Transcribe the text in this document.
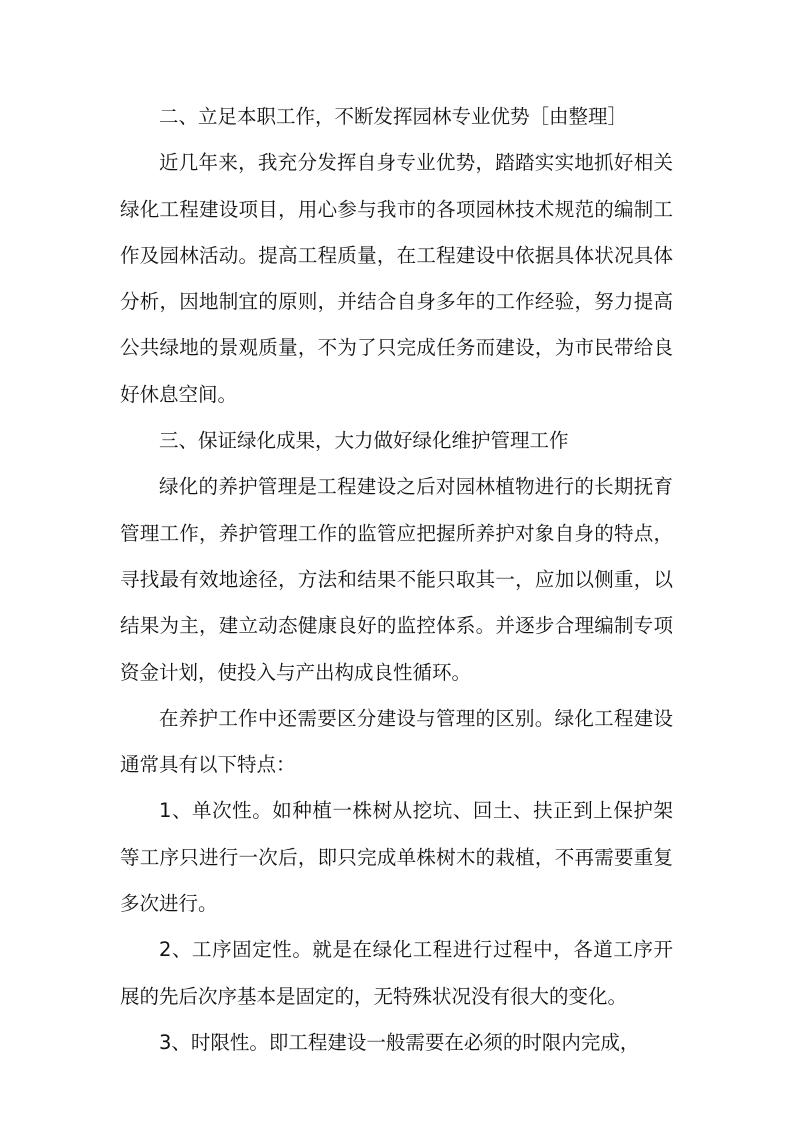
二、立足本职工作，不断发挥园林专业优势［由整理］

近几年来，我充分发挥自身专业优势，踏踏实实地抓好相关绿化工程建设项目，用心参与我市的各项园林技术规范的编制工作及园林活动。提高工程质量，在工程建设中依据具体状况具体分析，因地制宜的原则，并结合自身多年的工作经验，努力提高公共绿地的景观质量，不为了只完成任务而建设，为市民带给良好休息空间。

三、保证绿化成果，大力做好绿化维护管理工作

绿化的养护管理是工程建设之后对园林植物进行的长期抚育管理工作，养护管理工作的监管应把握所养护对象自身的特点，寻找最有效地途径，方法和结果不能只取其一，应加以侧重，以结果为主，建立动态健康良好的监控体系。并逐步合理编制专项资金计划，使投入与产出构成良性循环。

在养护工作中还需要区分建设与管理的区别。绿化工程建设通常具有以下特点：

1、单次性。如种植一株树从挖坑、回土、扶正到上保护架等工序只进行一次后，即只完成单株树木的栽植，不再需要重复多次进行。

2、工序固定性。就是在绿化工程进行过程中，各道工序开展的先后次序基本是固定的，无特殊状况没有很大的变化。

3、时限性。即工程建设一般需要在必须的时限内完成，
